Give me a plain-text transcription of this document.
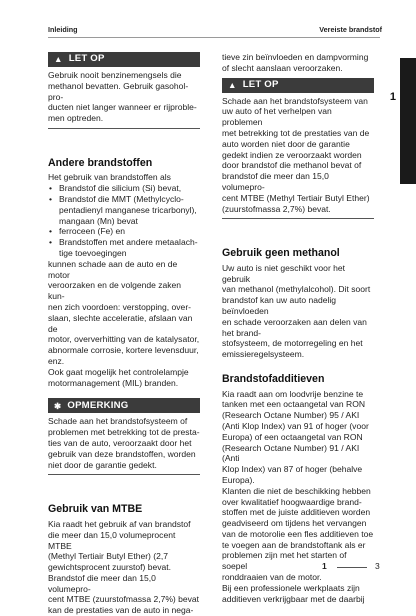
Inleiding	Vereiste brandstof
1
▲ LET OP

Gebruik nooit benzinemengsels die

methanol bevatten. Gebruik gasoholpro-

ducten niet langer wanneer er rijproble-

men optreden.

Andere brandstoffen

Het gebruik van brandstoffen als

• Brandstof die silicium (Si) bevat,
• Brandstof die MMT (Methylcyclo-
pentadienyl manganese tricarbonyl),
mangaan (Mn) bevat
• ferroceen (Fe) en
• Brandstoffen met andere metaalach-
tige toevoegingen

kunnen schade aan de auto en de motor

veroorzaken en de volgende zaken kun-

nen zich voordoen: verstopping, over-

slaan, slechte acceleratie, afslaan van de

motor, oververhitting van de katalysator,

abnormale corrosie, kortere levensduur,

enz.

Ook gaat mogelijk het controlelampje

motormanagement (MIL) branden.

✱ OPMERKING

Schade aan het brandstofsysteem of

problemen met betrekking tot de presta-

ties van de auto, veroorzaakt door het

gebruik van deze brandstoffen, worden

niet door de garantie gedekt.

Gebruik van MTBE

Kia raadt het gebruik af van brandstof

die meer dan 15,0 volumeprocent MTBE

(Methyl Tertiair Butyl Ether) (2,7

gewichtsprocent zuurstof) bevat.

Brandstof die meer dan 15,0 volumepro-

cent MTBE (zuurstofmassa 2,7%) bevat

kan de prestaties van de auto in nega-

tieve zin beïnvloeden en dampvorming

of slecht aanslaan veroorzaken.

▲ LET OP

Schade aan het brandstofsysteem van

uw auto of het verhelpen van problemen

met betrekking tot de prestaties van de

auto worden niet door de garantie

gedekt indien ze veroorzaakt worden

door brandstof die methanol bevat of

brandstof die meer dan 15,0 volumepro-

cent MTBE (Methyl Tertiair Butyl Ether)

(zuurstofmassa 2,7%) bevat.

Gebruik geen methanol

Uw auto is niet geschikt voor het gebruik

van methanol (methylalcohol). Dit soort

brandstof kan uw auto nadelig beïnvloeden

en schade veroorzaken aan delen van het brand-

stofsysteem, de motorregeling en het

emissieregelsysteem.

Brandstofadditieven

Kia raadt aan om loodvrije benzine te

tanken met een octaangetal van RON

(Research Octane Number) 95 / AKI

(Anti Klop Index) van 91 of hoger (voor

Europa) of een octaangetal van RON

(Research Octane Number) 91 / AKI (Anti

Klop Index) van 87 of hoger (behalve

Europa).

Klanten die niet de beschikking hebben

over kwalitatief hoogwaardige brand-

stoffen met de juiste additieven worden

geadviseerd om tijdens het vervangen

van de motorolie een fles additieven toe

te voegen aan de brandstoftank als er

problemen zijn met het starten of soepel

ronddraaien van de motor.

Bij een professionele werkplaats zijn

additieven verkrijgbaar met de daarbij

1	3
